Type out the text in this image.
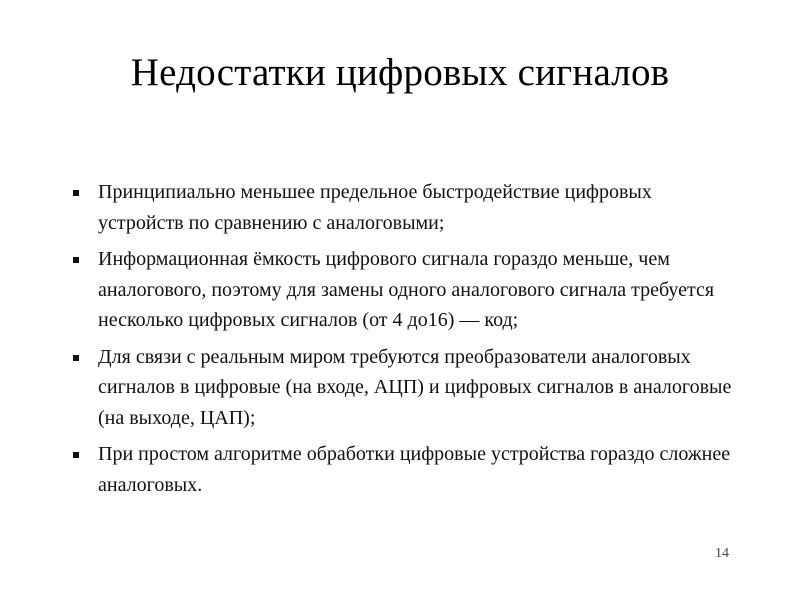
Недостатки цифровых сигналов
Принципиально меньшее предельное быстродействие цифровых устройств по сравнению с аналоговыми;
Информационная ёмкость цифрового сигнала гораздо меньше, чем аналогового, поэтому для замены одного аналогового сигнала требуется несколько цифровых сигналов (от 4 до16) — код;
Для связи с реальным миром требуются преобразователи аналоговых сигналов в цифровые (на входе, АЦП) и цифровых сигналов в аналоговые (на выходе, ЦАП);
При простом алгоритме обработки цифровые устройства гораздо сложнее аналоговых.
14
